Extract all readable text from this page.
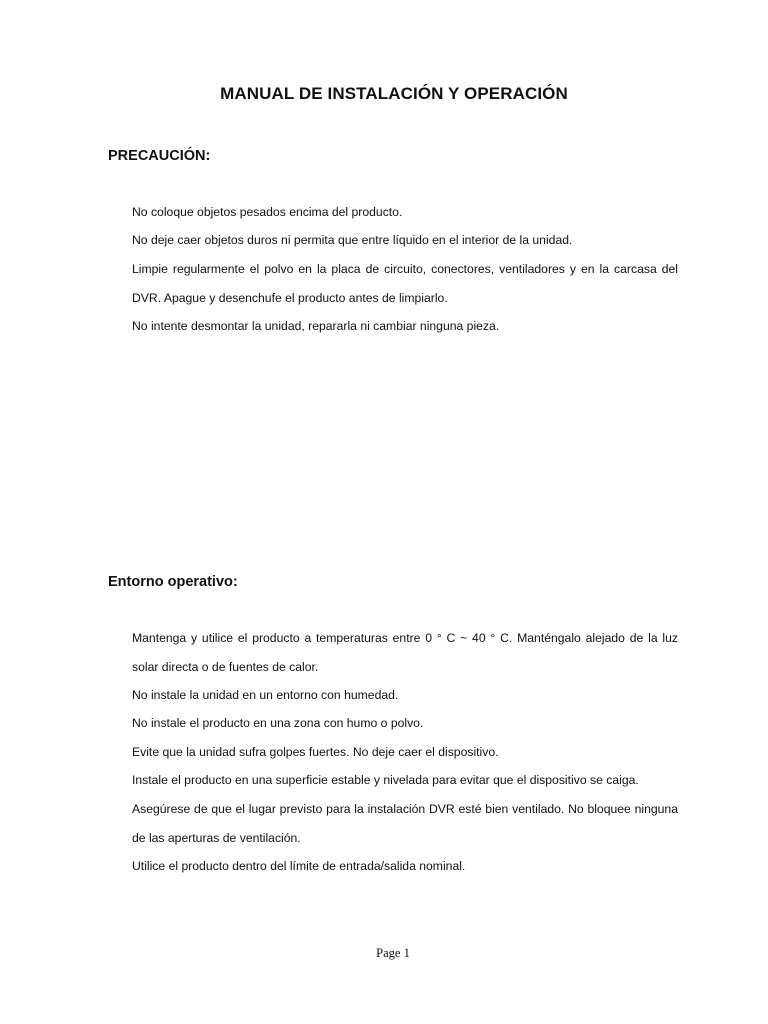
MANUAL DE INSTALACIÓN Y OPERACIÓN
PRECAUCIÓN:

No coloque objetos pesados encima del producto.

No deje caer objetos duros ni permita que entre líquido en el interior de la unidad.

Limpie regularmente el polvo en la placa de circuito, conectores, ventiladores y en la carcasa del DVR. Apague y desenchufe el producto antes de limpiarlo.

No intente desmontar la unidad, repararla ni cambiar ninguna pieza.

Entorno operativo:

Mantenga y utilice el producto a temperaturas entre 0 ° C ~ 40 ° C. Manténgalo alejado de la luz solar directa o de fuentes de calor.

No instale la unidad en un entorno con humedad.

No instale el producto en una zona con humo o polvo.

Evite que la unidad sufra golpes fuertes. No deje caer el dispositivo.

Instale el producto en una superficie estable y nivelada para evitar que el dispositivo se caiga.

Asegúrese de que el lugar previsto para la instalación DVR esté bien ventilado. No bloquee ninguna de las aperturas de ventilación.

Utilice el producto dentro del límite de entrada/salida nominal.

Page 1
